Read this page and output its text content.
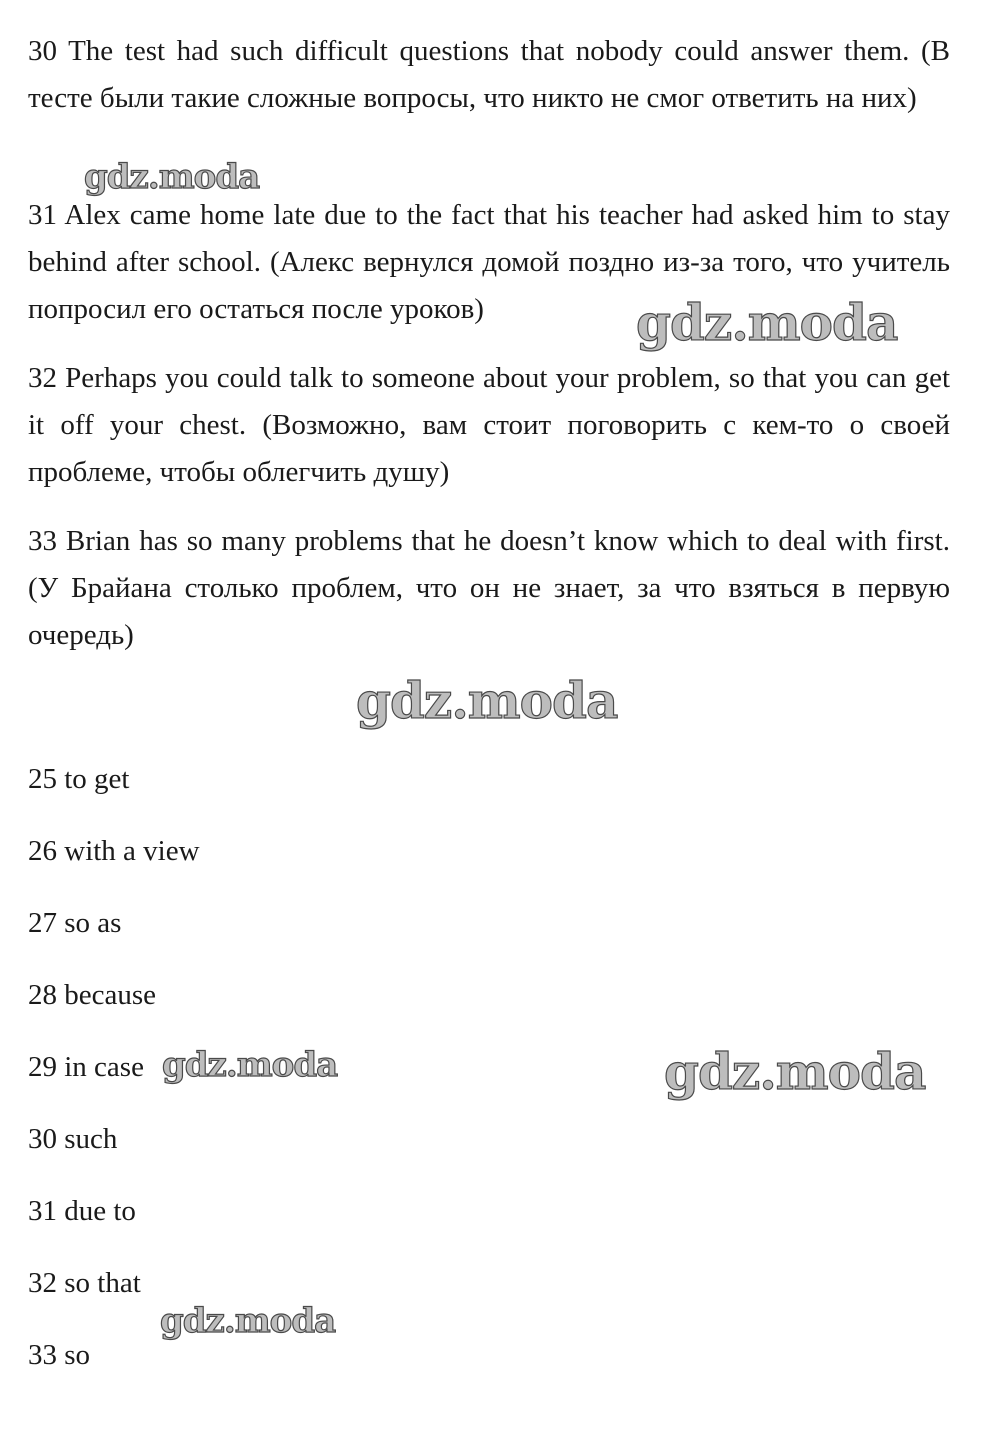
30 The test had such difficult questions that nobody could answer them. (В тесте были такие сложные вопросы, что никто не смог ответить на них)

31 Alex came home late due to the fact that his teacher had asked him to stay behind after school. (Алекс вернулся домой поздно из-за того, что учитель попросил его остаться после уроков)

32 Perhaps you could talk to someone about your problem, so that you can get it off your chest. (Возможно, вам стоит поговорить с кем-то о своей проблеме, чтобы облегчить душу)

33 Brian has so many problems that he doesn’t know which to deal with first. (У Брайана столько проблем, что он не знает, за что взяться в первую очередь)

25 to get
26 with a view
27 so as
28 because
29 in case
30 such
31 due to
32 so that
33 so
gdz.moda
gdz.moda
gdz.moda
gdz.moda	gdz.moda
gdz.moda
